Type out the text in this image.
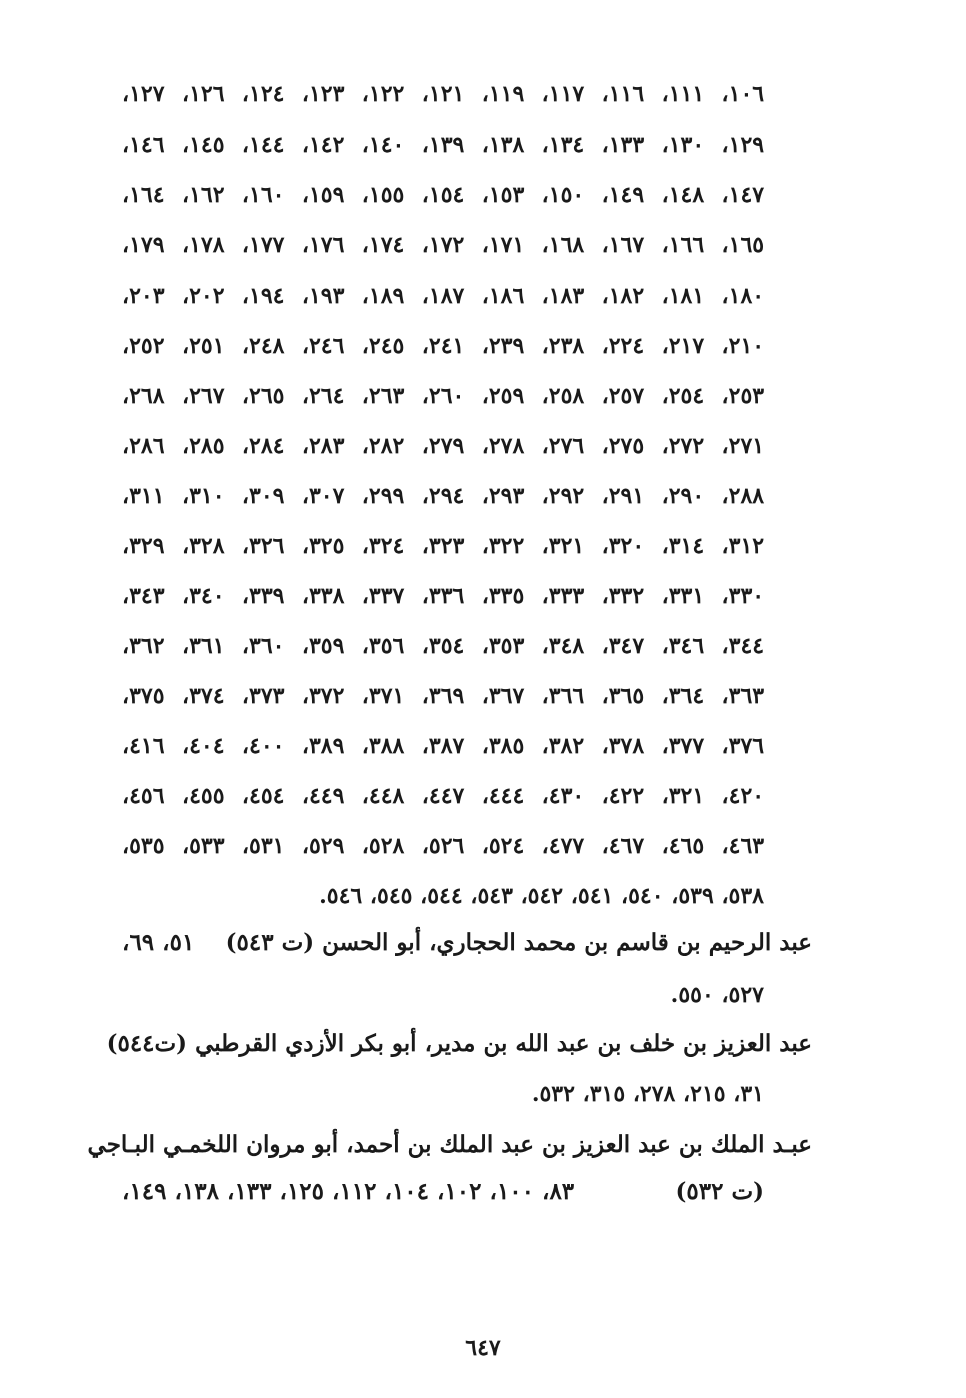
١٠٦، ١١١، ١١٦، ١١٧، ١١٩، ١٢١، ١٢٢، ١٢٣، ١٢٤، ١٢٦، ١٢٧،
١٢٩، ١٣٠، ١٣٣، ١٣٤، ١٣٨، ١٣٩، ١٤٠، ١٤٢، ١٤٤، ١٤٥، ١٤٦،
١٤٧، ١٤٨، ١٤٩، ١٥٠، ١٥٣، ١٥٤، ١٥٥، ١٥٩، ١٦٠، ١٦٢، ١٦٤،
١٦٥، ١٦٦، ١٦٧، ١٦٨، ١٧١، ١٧٢، ١٧٤، ١٧٦، ١٧٧، ١٧٨، ١٧٩،
١٨٠، ١٨١، ١٨٢، ١٨٣، ١٨٦، ١٨٧، ١٨٩، ١٩٣، ١٩٤، ٢٠٢، ٢٠٣،
٢١٠، ٢١٧، ٢٢٤، ٢٣٨، ٢٣٩، ٢٤١، ٢٤٥، ٢٤٦، ٢٤٨، ٢٥١، ٢٥٢،
٢٥٣، ٢٥٤، ٢٥٧، ٢٥٨، ٢٥٩، ٢٦٠، ٢٦٣، ٢٦٤، ٢٦٥، ٢٦٧، ٢٦٨،
٢٧١، ٢٧٢، ٢٧٥، ٢٧٦، ٢٧٨، ٢٧٩، ٢٨٢، ٢٨٣، ٢٨٤، ٢٨٥، ٢٨٦،
٢٨٨، ٢٩٠، ٢٩١، ٢٩٢، ٢٩٣، ٢٩٤، ٢٩٩، ٣٠٧، ٣٠٩، ٣١٠، ٣١١،
٣١٢، ٣١٤، ٣٢٠، ٣٢١، ٣٢٢، ٣٢٣، ٣٢٤، ٣٢٥، ٣٢٦، ٣٢٨، ٣٢٩،
٣٣٠، ٣٣١، ٣٣٢، ٣٣٣، ٣٣٥، ٣٣٦، ٣٣٧، ٣٣٨، ٣٣٩، ٣٤٠، ٣٤٣،
٣٤٤، ٣٤٦، ٣٤٧، ٣٤٨، ٣٥٣، ٣٥٤، ٣٥٦، ٣٥٩، ٣٦٠، ٣٦١، ٣٦٢،
٣٦٣، ٣٦٤، ٣٦٥، ٣٦٦، ٣٦٧، ٣٦٩، ٣٧١، ٣٧٢، ٣٧٣، ٣٧٤، ٣٧٥،
٣٧٦، ٣٧٧، ٣٧٨، ٣٨٢، ٣٨٥، ٣٨٧، ٣٨٨، ٣٨٩، ٤٠٠، ٤٠٤، ٤١٦،
٤٢٠، ٣٢١، ٤٢٢، ٤٣٠، ٤٤٤، ٤٤٧، ٤٤٨، ٤٤٩، ٤٥٤، ٤٥٥، ٤٥٦،
٤٦٣، ٤٦٥، ٤٦٧، ٤٧٧، ٥٢٤، ٥٢٦، ٥٢٨، ٥٢٩، ٥٣١، ٥٣٣، ٥٣٥،
٥٣٨، ٥٣٩، ٥٤٠، ٥٤١، ٥٤٢، ٥٤٣، ٥٤٤، ٥٤٥، ٥٤٦.
عبد الرحيم بن قاسم بن محمد الحجاري، أبو الحسن (ت ٥٤٣)
٥١، ٦٩،
٥٢٧، ٥٥٠.
عبد العزيز بن خلف بن عبد الله بن مدير، أبو بكر الأزدي القرطبي (ت٥٤٤)
٣١، ٢١٥، ٢٧٨، ٣١٥، ٥٣٢.
عبـد الملك بن عبد العزيز بن عبد الملك بن أحمد، أبو مروان اللخمـي البـاجي
(ت ٥٣٢)
٨٣، ١٠٠، ١٠٢، ١٠٤، ١١٢، ١٢٥، ١٣٣، ١٣٨، ١٤٩،
٦٤٧
